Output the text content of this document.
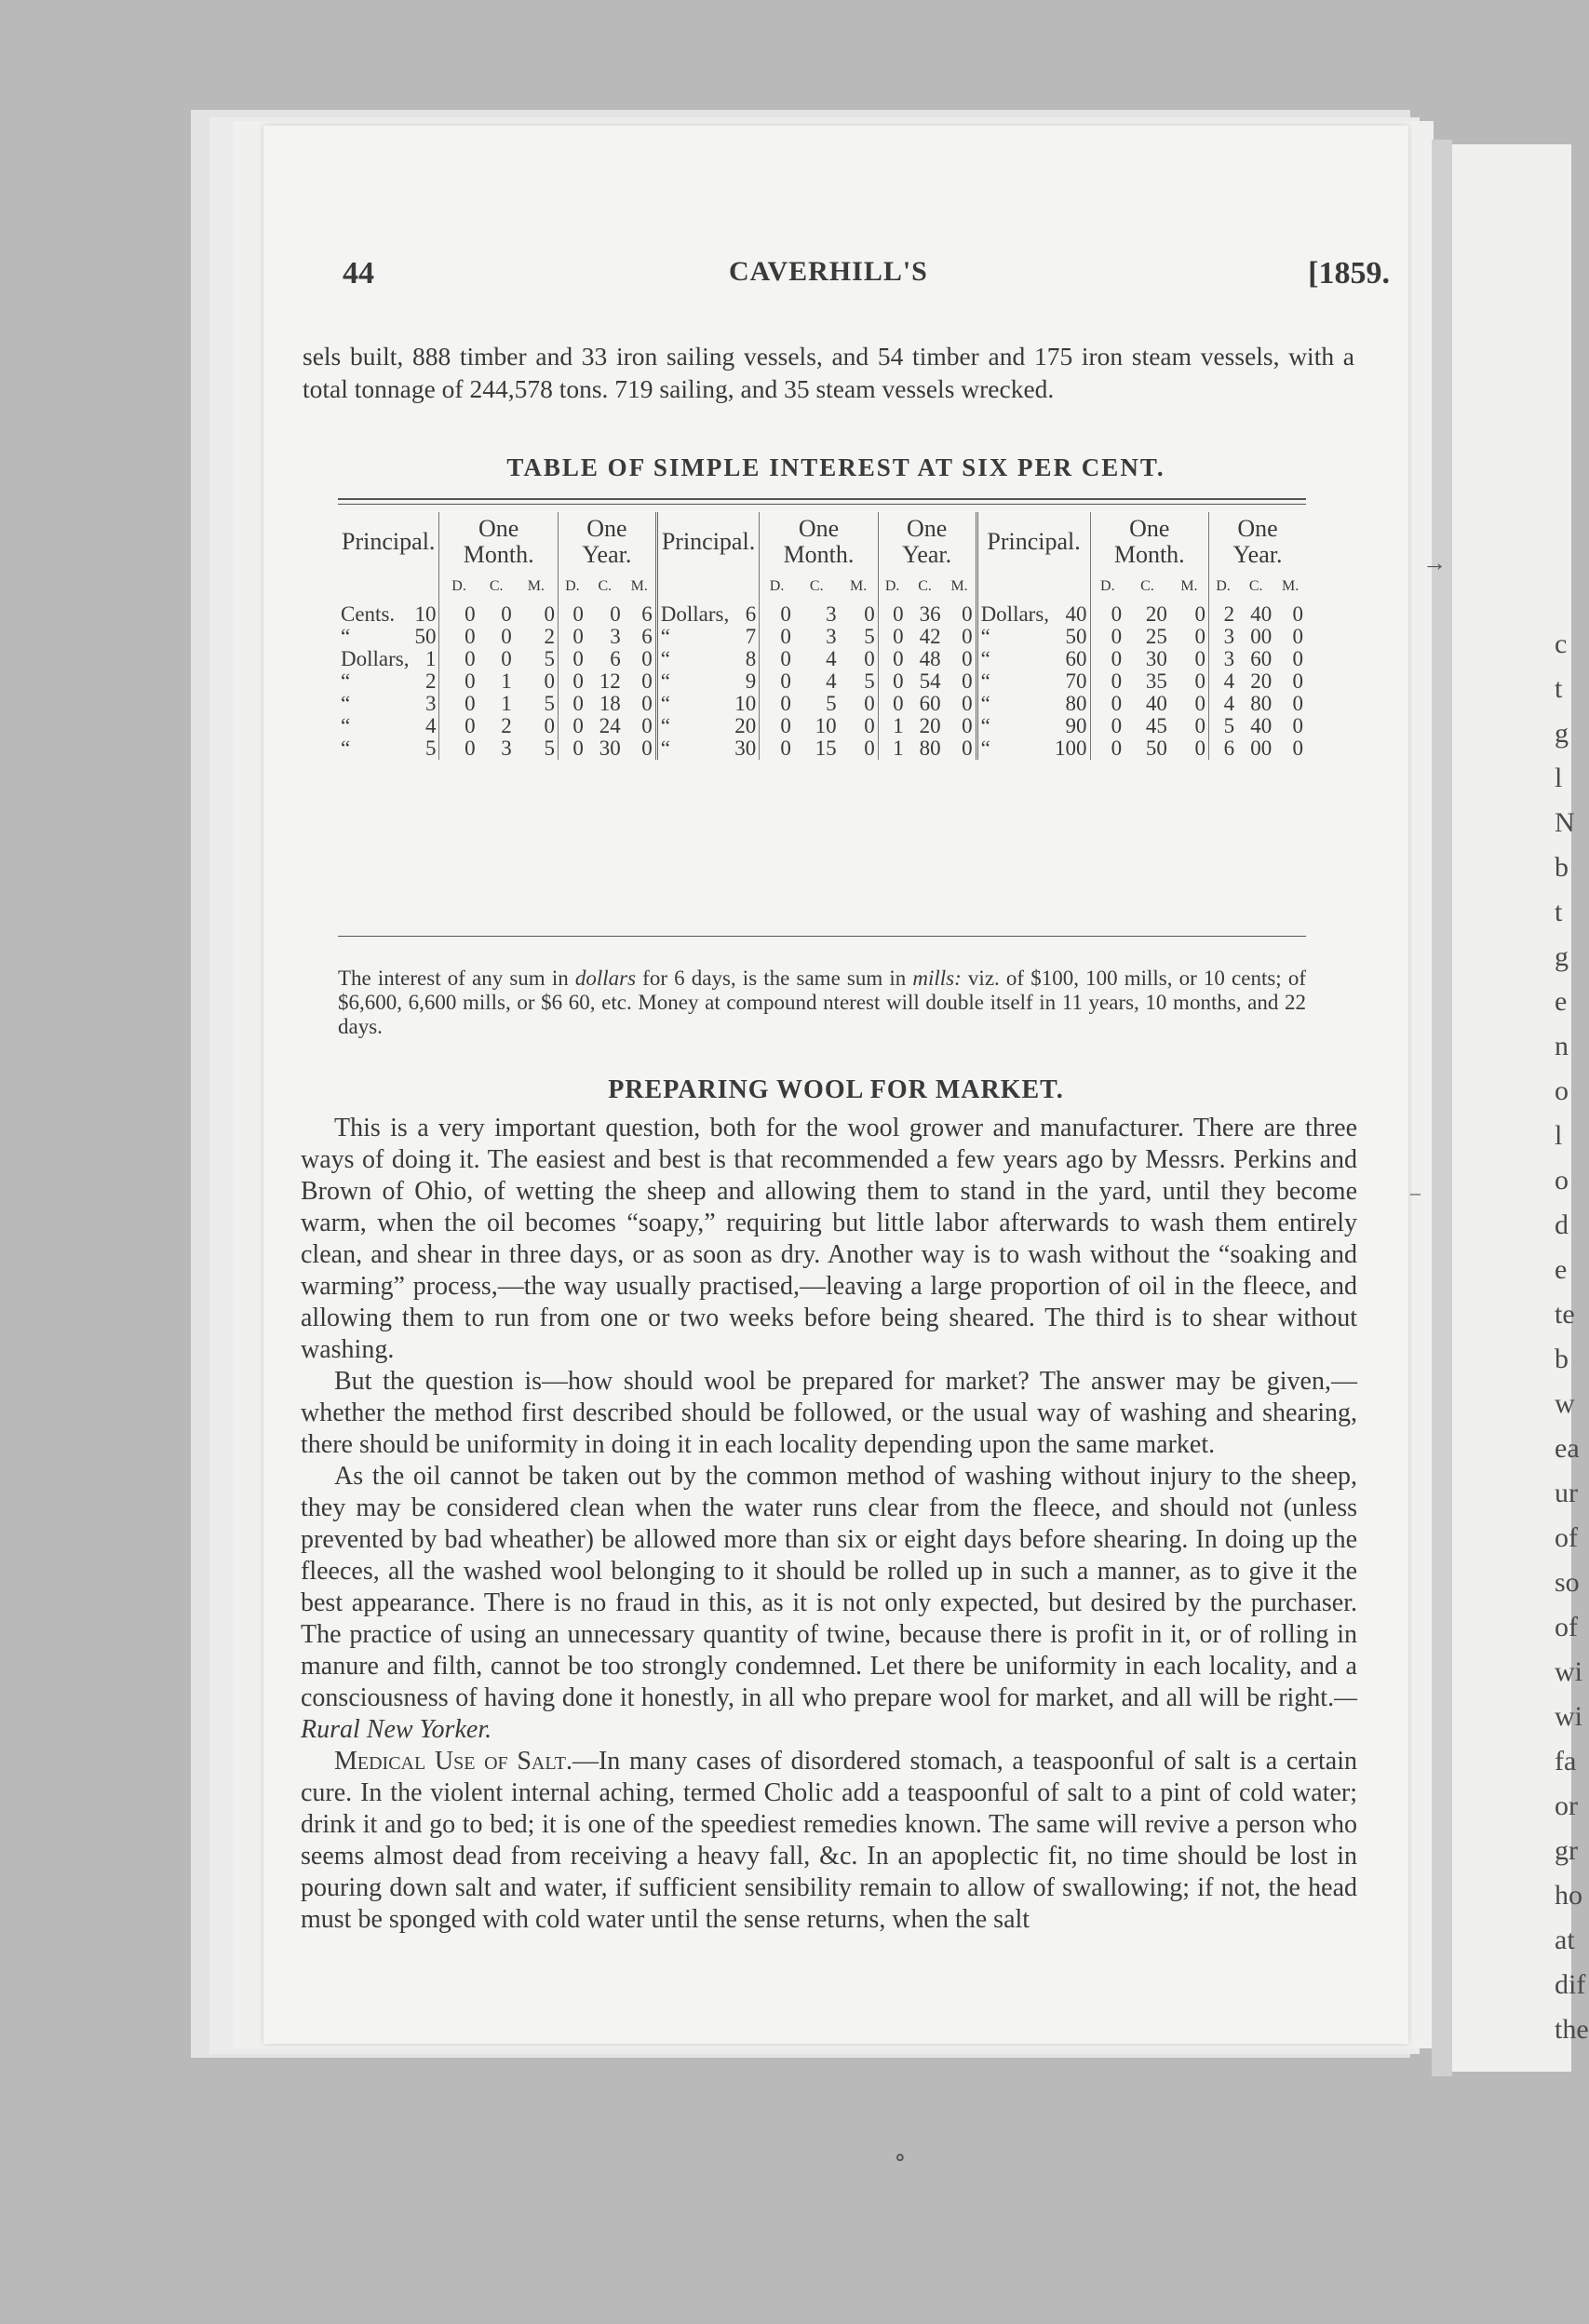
c
t
g
l
N
b
t
g
e
n
o
l
o
d
e
te
b
w
ea
ur
of
so
of
wi
wi
fa
or
gr
ho
at
dif
the
44	CAVERHILL'S	[1859.

sels built, 888 timber and 33 iron sailing vessels, and 54 timber and 175 iron steam vessels, with a total tonnage of 244,578 tons. 719 sailing, and 35 steam vessels wrecked.

TABLE OF SIMPLE INTEREST AT SIX PER CENT.
Principal.		One Month.			One Year.			Principal.		One Month.			One Year.			Principal.		One Month.			One Year.		
		D.	C.	M.	D.	C.	M.			D.	C.	M.	D.	C.	M.			D.	C.	M.	D.	C.	M.
Cents.	10	0	0	0	0	0	6	Dollars,	6	0	3	0	0	36	0	Dollars,	40	0	20	0	2	40	0
“	50	0	0	2	0	3	6	“	7	0	3	5	0	42	0	“	50	0	25	0	3	00	0
Dollars,	1	0	0	5	0	6	0	“	8	0	4	0	0	48	0	“	60	0	30	0	3	60	0
“	2	0	1	0	0	12	0	“	9	0	4	5	0	54	0	“	70	0	35	0	4	20	0
“	3	0	1	5	0	18	0	“	10	0	5	0	0	60	0	“	80	0	40	0	4	80	0
“	4	0	2	0	0	24	0	“	20	0	10	0	1	20	0	“	90	0	45	0	5	40	0
“	5	0	3	5	0	30	0	“	30	0	15	0	1	80	0	“	100	0	50	0	6	00	0
The interest of any sum in dollars for 6 days, is the same sum in mills: viz. of $100, 100 mills, or 10 cents; of $6,600, 6,600 mills, or $6 60, etc. Money at compound nterest will double itself in 11 years, 10 months, and 22 days.
PREPARING WOOL FOR MARKET.

This is a very important question, both for the wool grower and manufacturer. There are three ways of doing it. The easiest and best is that recommended a few years ago by Messrs. Perkins and Brown of Ohio, of wetting the sheep and allowing them to stand in the yard, until they become warm, when the oil becomes “soapy,” requiring but little labor afterwards to wash them entirely clean, and shear in three days, or as soon as dry. Another way is to wash without the “soaking and warming” process,—the way usually practised,—leaving a large proportion of oil in the fleece, and allowing them to run from one or two weeks before being sheared. The third is to shear without washing.

But the question is—how should wool be prepared for market? The answer may be given,—whether the method first described should be followed, or the usual way of washing and shearing, there should be uniformity in doing it in each locality depending upon the same market.

As the oil cannot be taken out by the common method of washing without injury to the sheep, they may be considered clean when the water runs clear from the fleece, and should not (unless prevented by bad wheather) be allowed more than six or eight days before shearing. In doing up the fleeces, all the washed wool belonging to it should be rolled up in such a manner, as to give it the best appearance. There is no fraud in this, as it is not only expected, but desired by the purchaser. The practice of using an unnecessary quantity of twine, because there is profit in it, or of rolling in manure and filth, cannot be too strongly condemned. Let there be uniformity in each locality, and a consciousness of having done it honestly, in all who prepare wool for market, and all will be right.—Rural New Yorker.

Medical Use of Salt.—In many cases of disordered stomach, a teaspoonful of salt is a certain cure. In the violent internal aching, termed Cholic add a teaspoonful of salt to a pint of cold water; drink it and go to bed; it is one of the speediest remedies known. The same will revive a person who seems almost dead from receiving a heavy fall, &c. In an apoplectic fit, no time should be lost in pouring down salt and water, if sufficient sensibility remain to allow of swallowing; if not, the head must be sponged with cold water until the sense returns, when the salt

→
–
∘
